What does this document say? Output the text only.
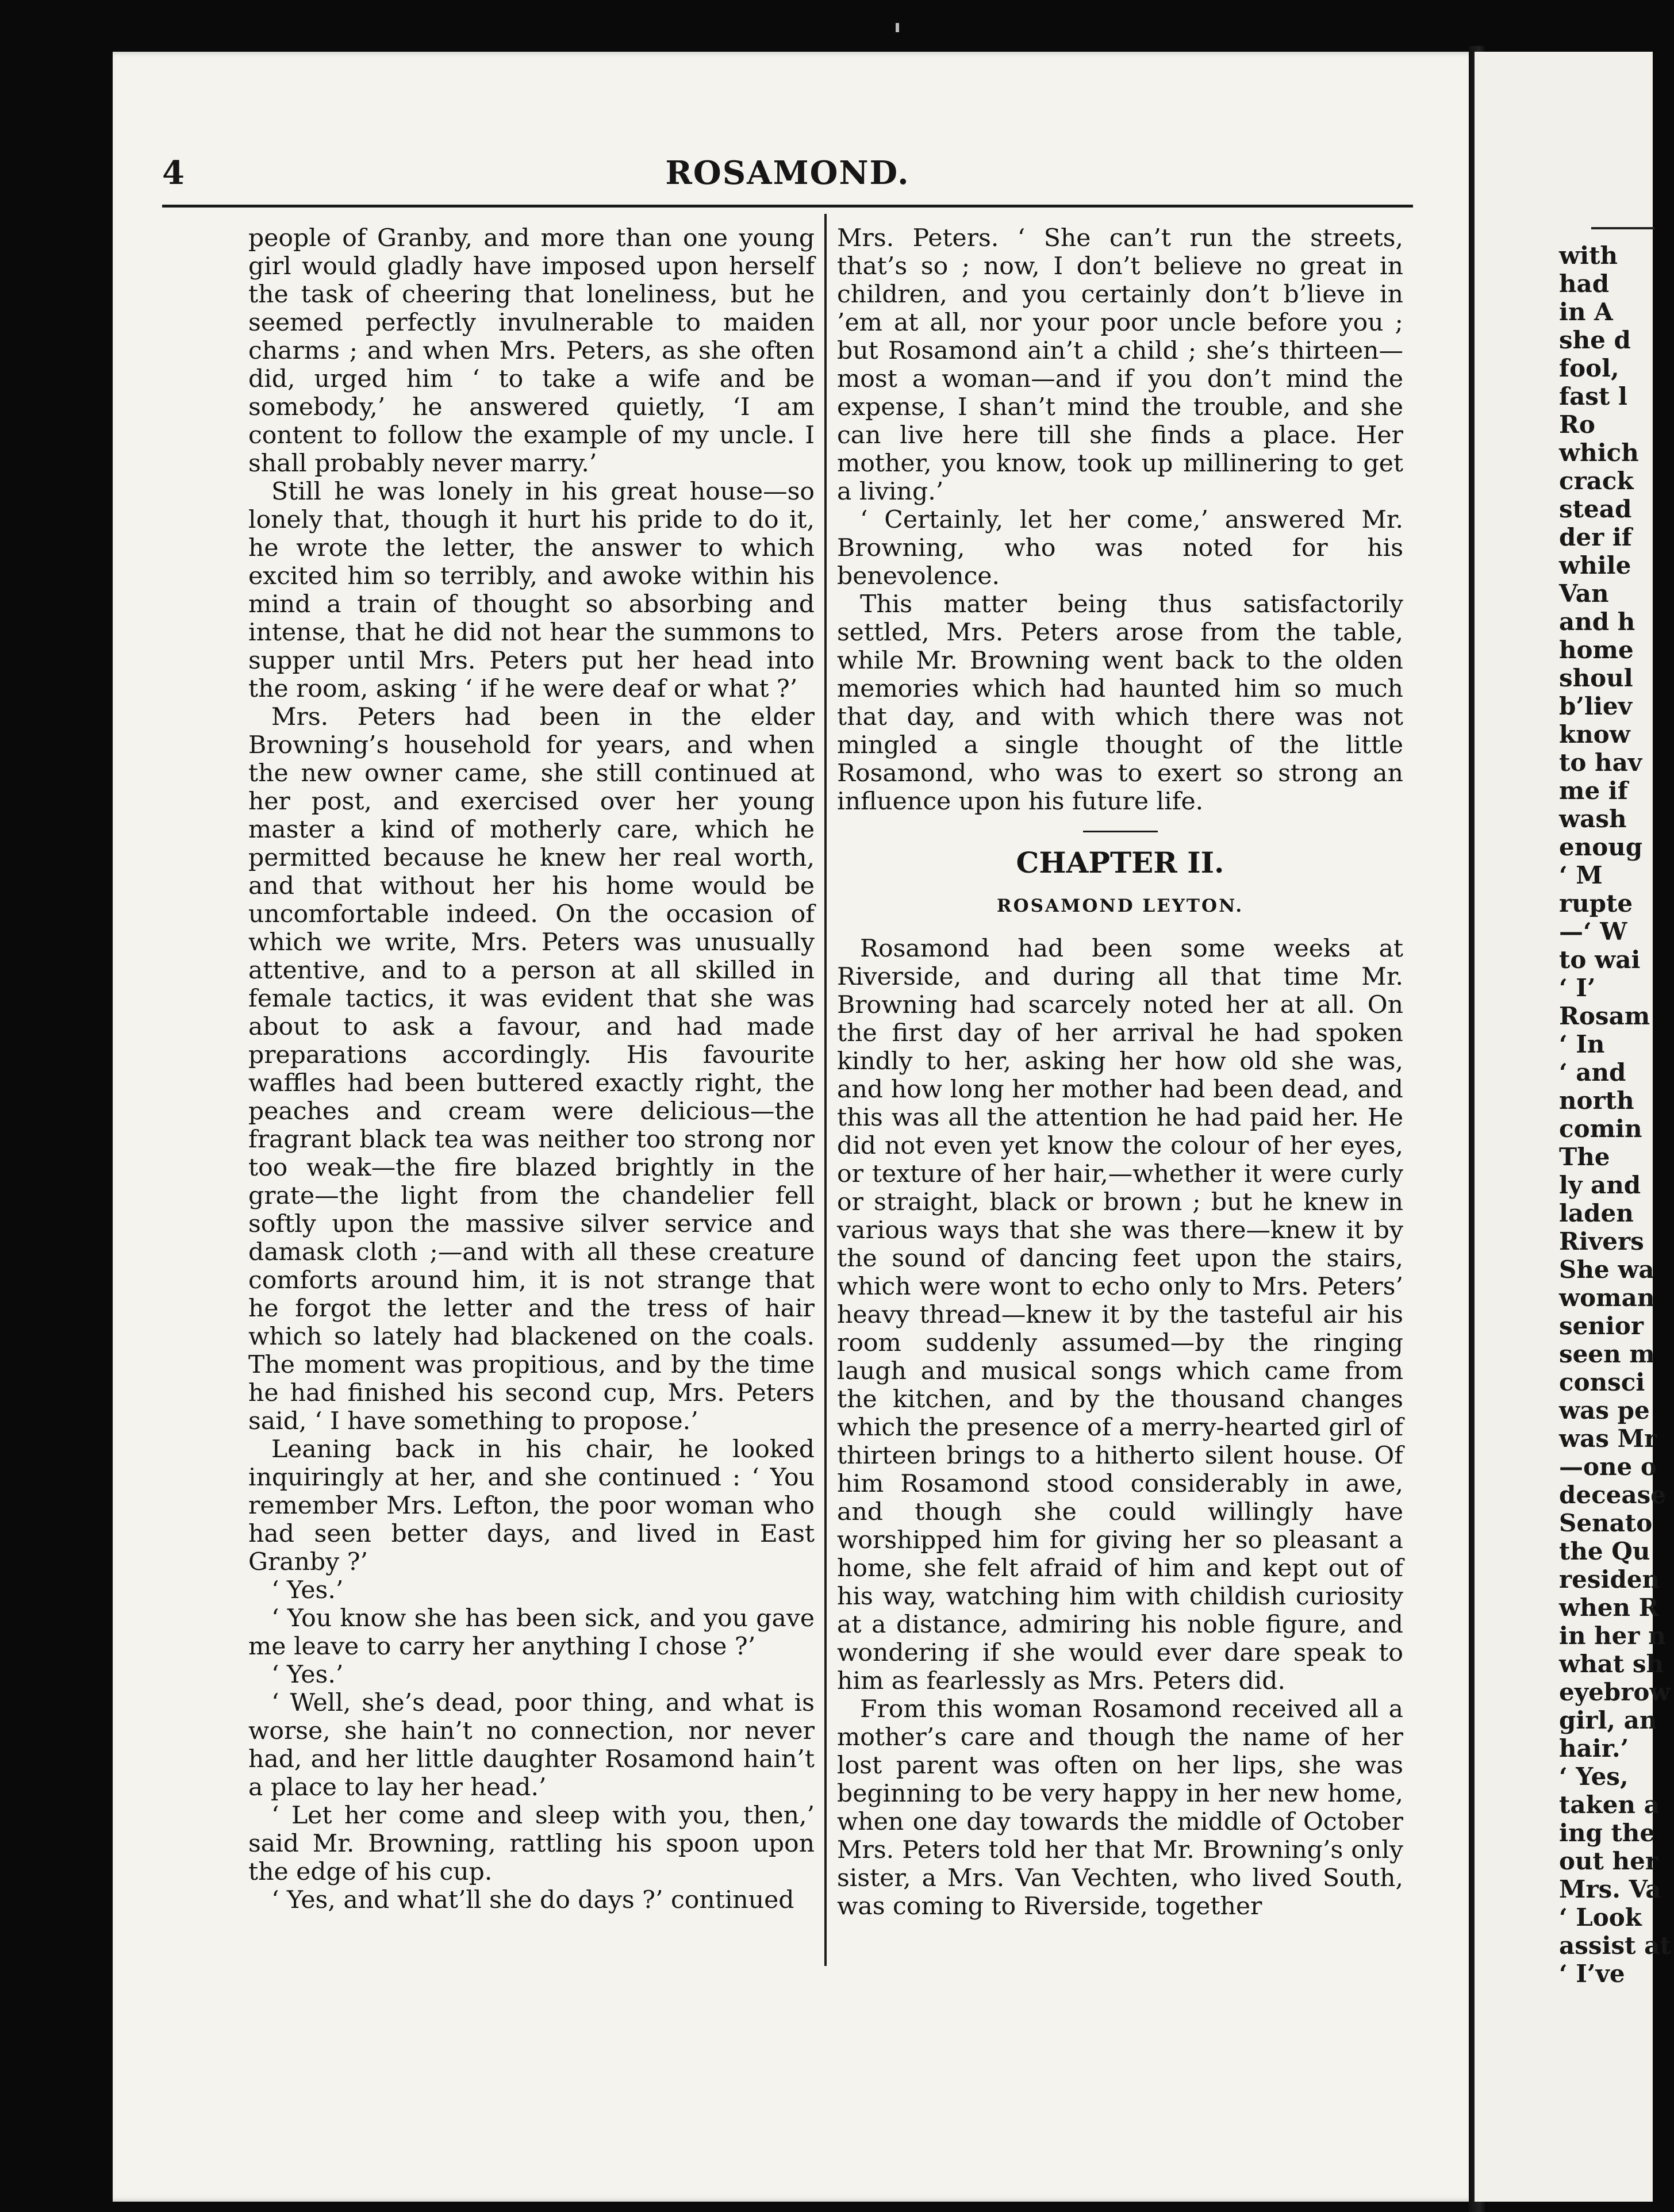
4	ROSAMOND.

people of Granby, and more than one young girl would gladly have imposed upon herself the task of cheering that loneliness, but he seemed perfectly invulnerable to maiden charms ; and when Mrs. Peters, as she often did, urged him ‘ to take a wife and be somebody,’ he answered quietly, ‘I am content to follow the example of my uncle. I shall probably never marry.’

Still he was lonely in his great house—so lonely that, though it hurt his pride to do it, he wrote the letter, the answer to which excited him so terribly, and awoke within his mind a train of thought so absorbing and intense, that he did not hear the summons to supper until Mrs. Peters put her head into the room, asking ‘ if he were deaf or what ?’

Mrs. Peters had been in the elder Browning’s household for years, and when the new owner came, she still continued at her post, and exercised over her young master a kind of motherly care, which he permitted because he knew her real worth, and that without her his home would be uncomfortable indeed. On the occasion of which we write, Mrs. Peters was unusually attentive, and to a person at all skilled in female tactics, it was evident that she was about to ask a favour, and had made preparations accordingly. His favourite waffles had been buttered exactly right, the peaches and cream were delicious—the fragrant black tea was neither too strong nor too weak—the fire blazed brightly in the grate—the light from the chandelier fell softly upon the massive silver service and damask cloth ;—and with all these creature comforts around him, it is not strange that he forgot the letter and the tress of hair which so lately had blackened on the coals. The moment was propitious, and by the time he had finished his second cup, Mrs. Peters said, ‘ I have something to propose.’

Leaning back in his chair, he looked inquiringly at her, and she continued : ‘ You remember Mrs. Lefton, the poor woman who had seen better days, and lived in East Granby ?’

‘ Yes.’

‘ You know she has been sick, and you gave me leave to carry her anything I chose ?’

‘ Yes.’

‘ Well, she’s dead, poor thing, and what is worse, she hain’t no connection, nor never had, and her little daughter Rosamond hain’t a place to lay her head.’

‘ Let her come and sleep with you, then,’ said Mr. Browning, rattling his spoon upon the edge of his cup.

‘ Yes, and what’ll she do days ?’ continued

Mrs. Peters. ‘ She can’t run the streets, that’s so ; now, I don’t believe no great in children, and you certainly don’t b’lieve in ’em at all, nor your poor uncle before you ; but Rosamond ain’t a child ; she’s thirteen—most a woman—and if you don’t mind the expense, I shan’t mind the trouble, and she can live here till she finds a place. Her mother, you know, took up millinering to get a living.’

‘ Certainly, let her come,’ answered Mr. Browning, who was noted for his benevolence.

This matter being thus satisfactorily settled, Mrs. Peters arose from the table, while Mr. Browning went back to the olden memories which had haunted him so much that day, and with which there was not mingled a single thought of the little Rosamond, who was to exert so strong an influence upon his future life.

CHAPTER II.
ROSAMOND LEYTON.

Rosamond had been some weeks at Riverside, and during all that time Mr. Browning had scarcely noted her at all. On the first day of her arrival he had spoken kindly to her, asking her how old she was, and how long her mother had been dead, and this was all the attention he had paid her. He did not even yet know the colour of her eyes, or texture of her hair,—whether it were curly or straight, black or brown ; but he knew in various ways that she was there—knew it by the sound of dancing feet upon the stairs, which were wont to echo only to Mrs. Peters’ heavy thread—knew it by the tasteful air his room suddenly assumed—by the ringing laugh and musical songs which came from the kitchen, and by the thousand changes which the presence of a merry-hearted girl of thirteen brings to a hitherto silent house. Of him Rosamond stood considerably in awe, and though she could willingly have worshipped him for giving her so pleasant a home, she felt afraid of him and kept out of his way, watching him with childish curiosity at a distance, admiring his noble figure, and wondering if she would ever dare speak to him as fearlessly as Mrs. Peters did.

From this woman Rosamond received all a mother’s care and though the name of her lost parent was often on her lips, she was beginning to be very happy in her new home, when one day towards the middle of October Mrs. Peters told her that Mr. Browning’s only sister, a Mrs. Van Vechten, who lived South, was coming to Riverside, together

with
had
in A
she d
fool,
fast l
Ro
which
crack
stead
der if
while
Van
and h
home
shoul
b’liev
know
to hav
me if
wash
enoug
‘ M
rupte
—‘ W
to wai
‘ I’
Rosam
‘ In
‘ and
north
comin
The
ly and
laden
Rivers
She wa
woman
senior
seen m
consci
was pe
was Mr
—one o
decease
Senato
the Qu
residen
when R
in her n
what sh
eyebrow
girl, an
hair.’
‘ Yes,
taken a
ing the
out her
Mrs. Va
‘ Look
assist at
‘ I’ve
